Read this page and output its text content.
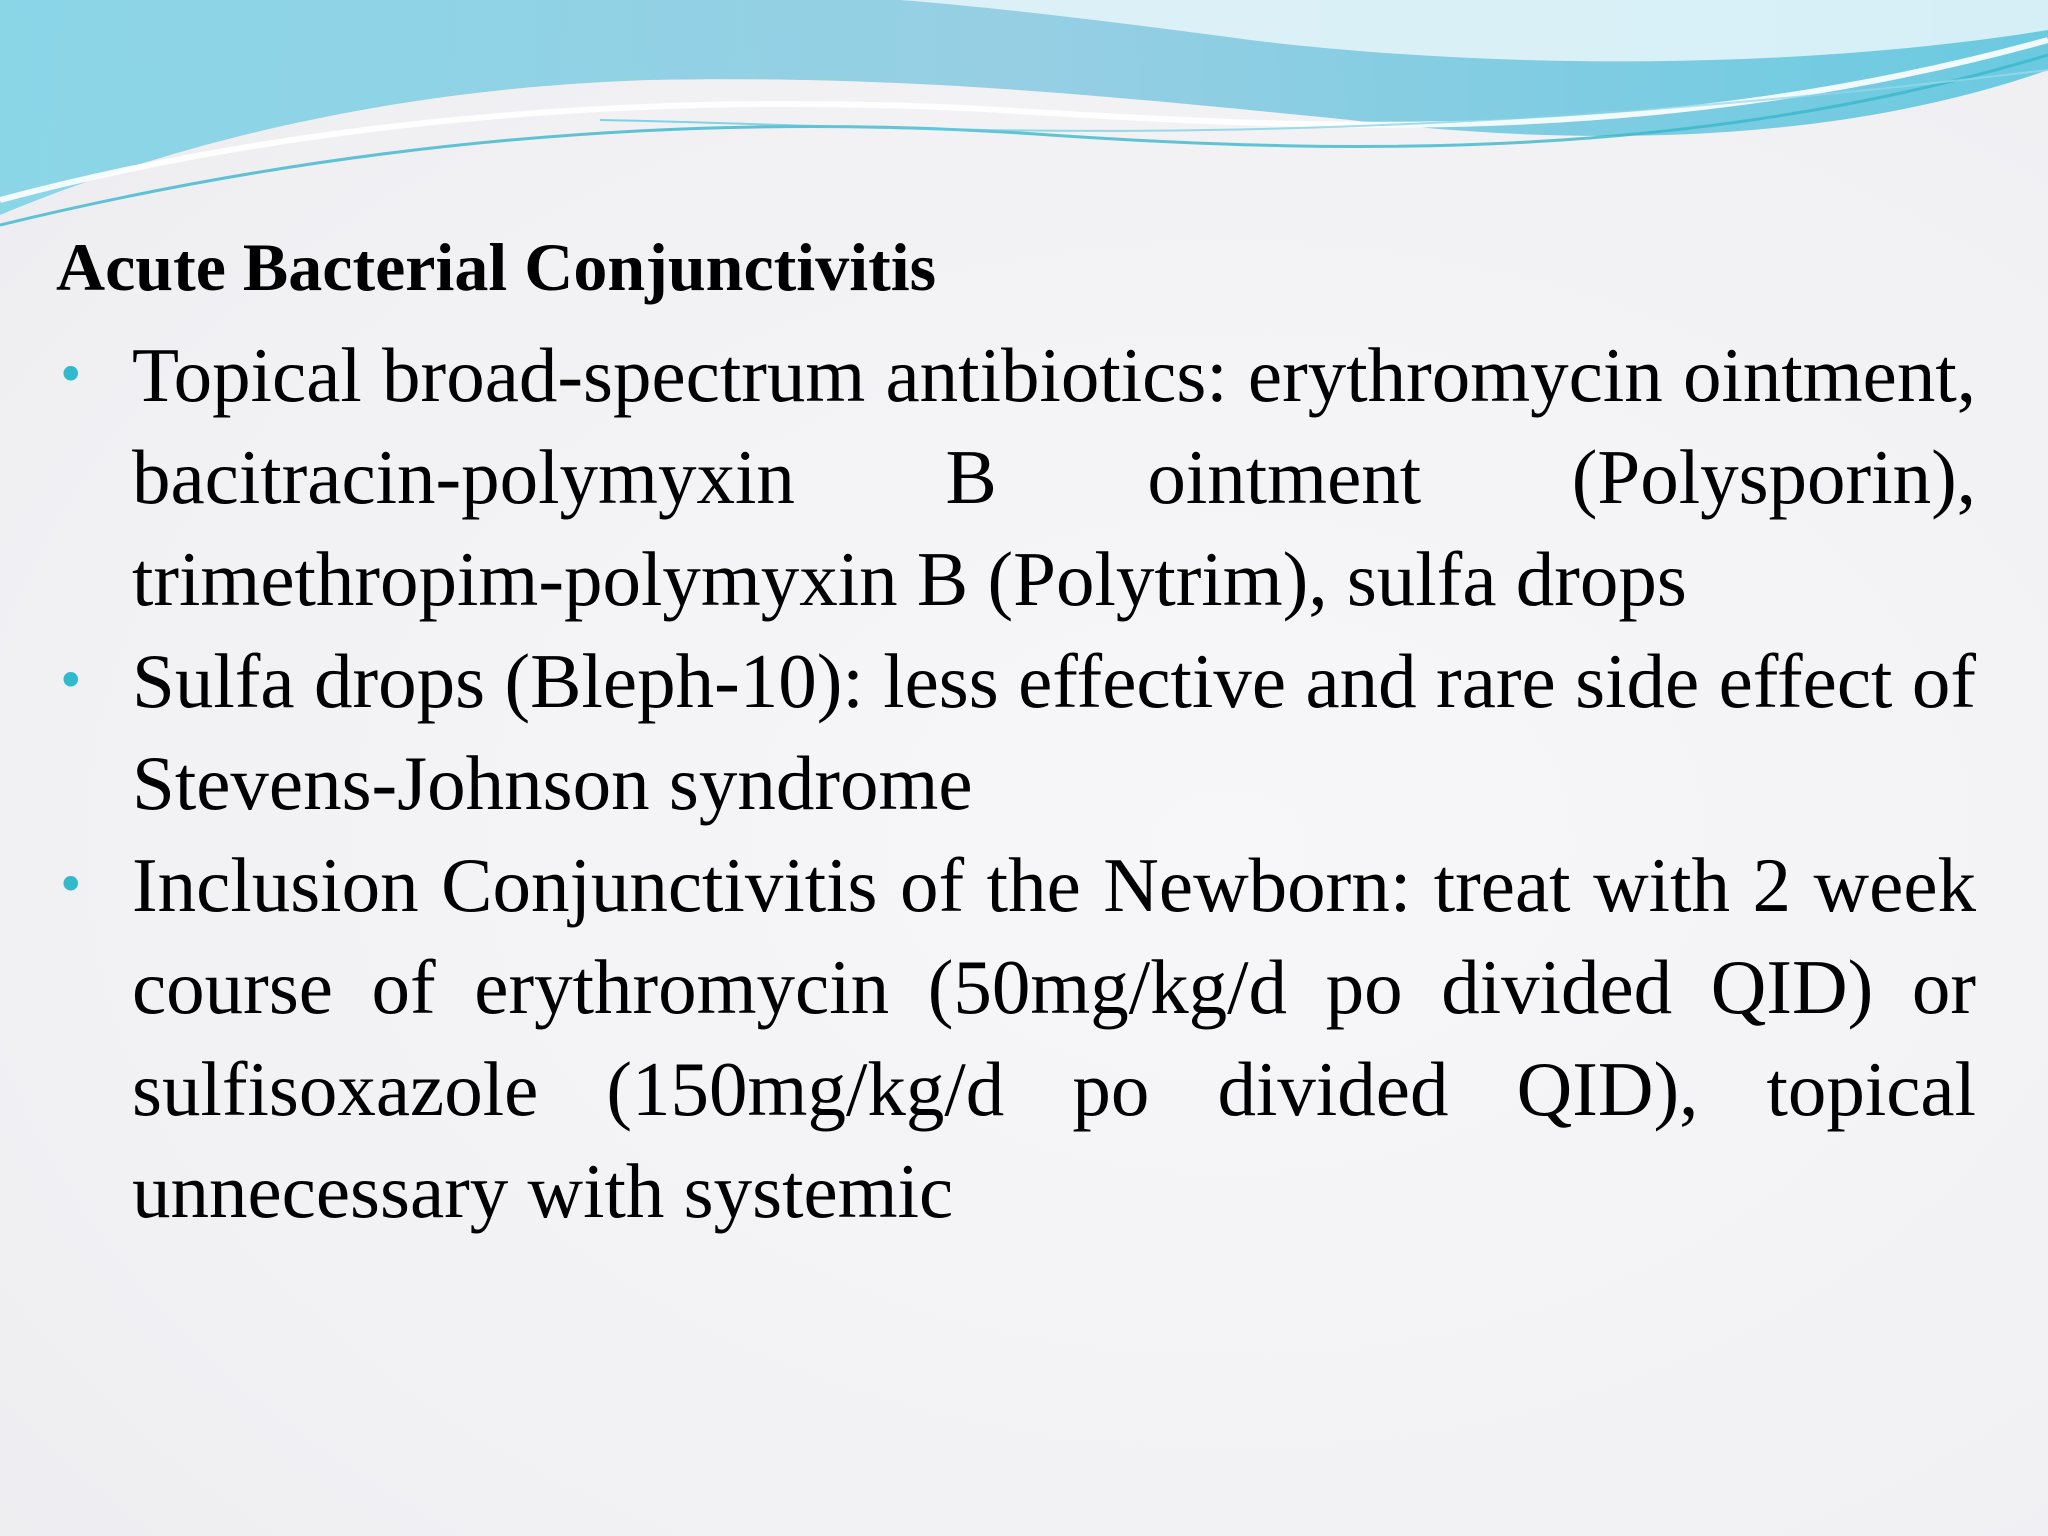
Acute Bacterial Conjunctivitis
• Topical broad-spectrum antibiotics: erythromycin ointment, bacitracin-polymyxin B ointment (Polysporin), trimethropim-polymyxin B (Polytrim), sulfa drops
• Sulfa drops (Bleph-10): less effective and rare side effect of Stevens-Johnson syndrome
• Inclusion Conjunctivitis of the Newborn: treat with 2 week course of erythromycin (50mg/kg/d po divided QID) or sulfisoxazole (150mg/kg/d po divided QID), topical unnecessary with systemic
